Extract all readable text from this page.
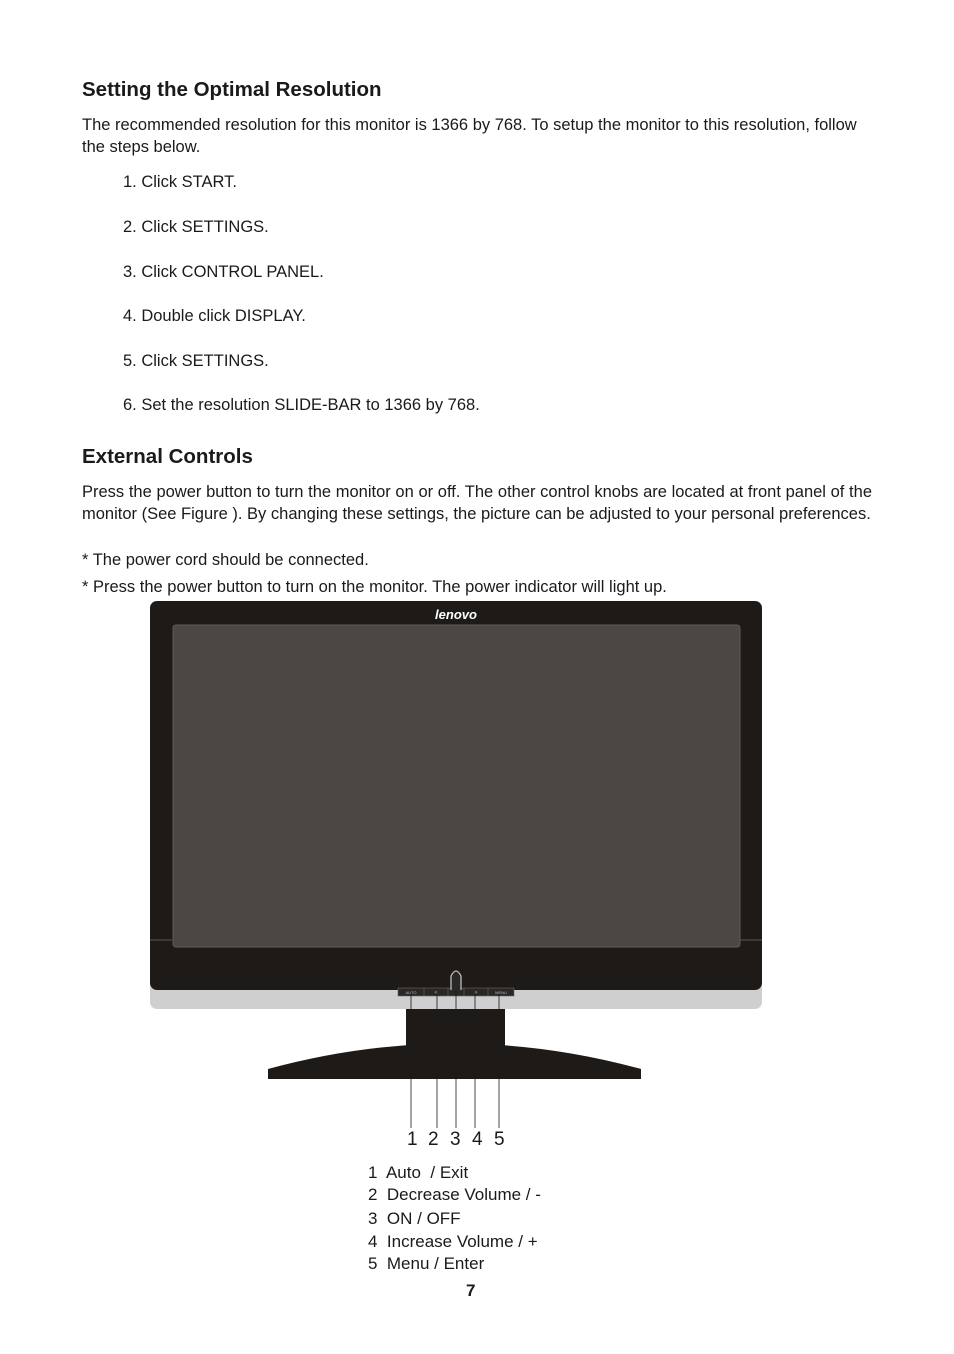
Setting the Optimal Resolution

The recommended resolution for this monitor is 1366 by 768. To setup the monitor to this resolution, follow the steps below.

1. Click START.
2. Click SETTINGS.
3. Click CONTROL PANEL.
4. Double click DISPLAY.
5. Click SETTINGS.
6. Set the resolution SLIDE-BAR to 1366 by 768.
External Controls

Press the power button to turn the monitor on or off. The other control knobs are located at front panel of the monitor (See Figure ). By changing these settings, the picture can be adjusted to your personal preferences.

* The power cord should be connected.

* Press the power button to turn on the monitor. The power indicator will light up.

lenovo
AUTO	<	>	MENU
1 2 3 4 5
1  Auto  / Exit
2  Decrease Volume / -
3  ON / OFF
4  Increase Volume / +
5  Menu / Enter
7
